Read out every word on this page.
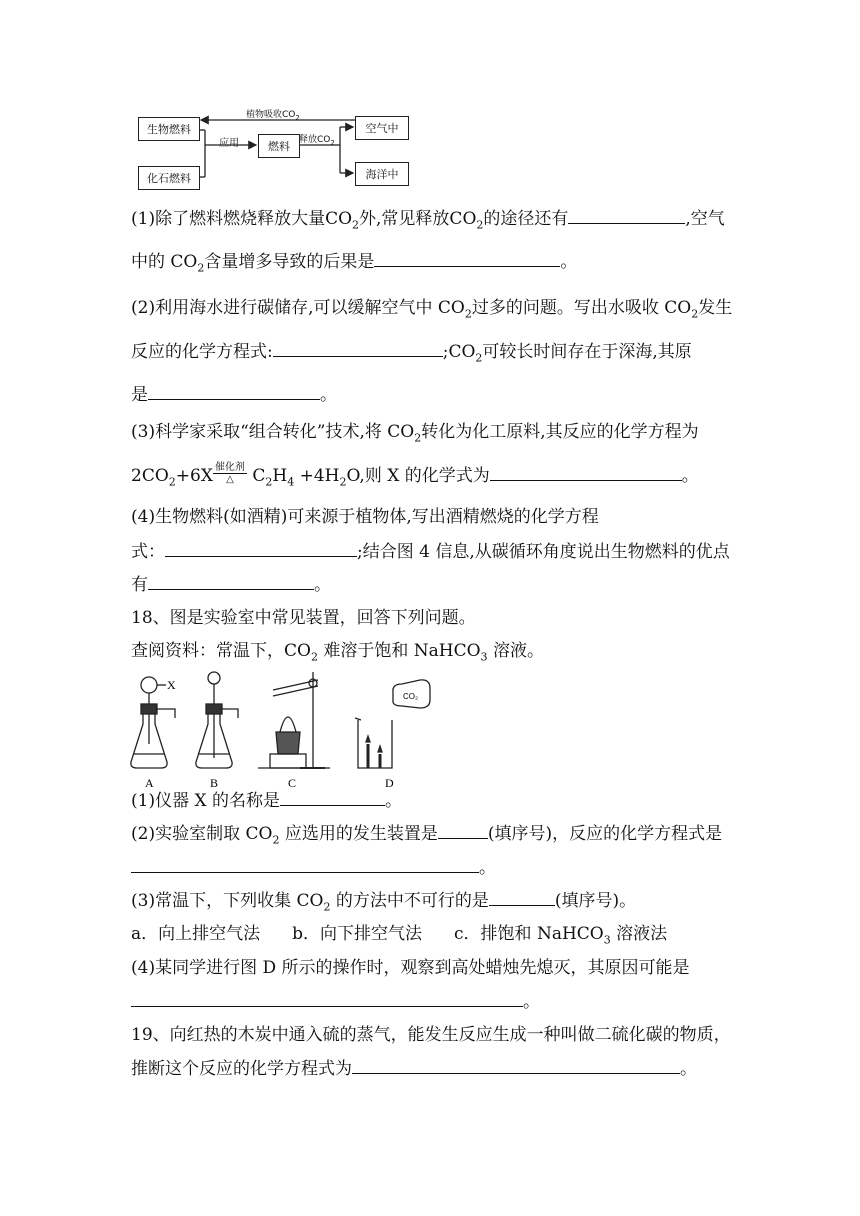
生物燃料
化石燃料
燃料
空气中
海洋中
植物吸收$CO_2$
应用	释放$CO_2$
(1)除了燃料燃烧释放大量$CO_2$外,常见释放$CO_2$的途径还有	,空气
中的 $CO_2$含量增多导致的后果是	。
(2)利用海水进行碳储存,可以缓解空气中 $CO_2$过多的问题。写出水吸收 $CO_2$发生
反应的化学方程式:	$;CO_2$可较长时间存在于深海,其原
是	。
(3)科学家采取“组合转化”技术,将 $CO_2$转化为化工原料,其反应的化学方程为
$2CO_2+6X \frac{\text{催化剂}}{\triangle} C_2H_4 +4H_2O$,则 X 的化学式为	。
(4)生物燃料(如酒精)可来源于植物体,写出酒精燃烧的化学方程
式：	;结合图 4 信息,从碳循环角度说出生物燃料的优点
有	。
18、图是实验室中常见装置，回答下列问题。
查阅资料：常温下，$CO_2$ 难溶于饱和 NaHCO$_3$ 溶液。
X
CO₂
A	B	C	D
(1)仪器 X 的名称是	。
(2)实验室制取 $CO_2$ 应选用的发生装置是	(填序号)，反应的化学方程式是
。
(3)常温下，下列收集 $CO_2$ 的方法中不可行的是	(填序号)。
a．向上排空气法 b．向下排空气法 c．排饱和 NaHCO$_3$ 溶液法
(4)某同学进行图 D 所示的操作时，观察到高处蜡烛先熄灭，其原因可能是
。
19、向红热的木炭中通入硫的蒸气，能发生反应生成一种叫做二硫化碳的物质，
推断这个反应的化学方程式为	。
